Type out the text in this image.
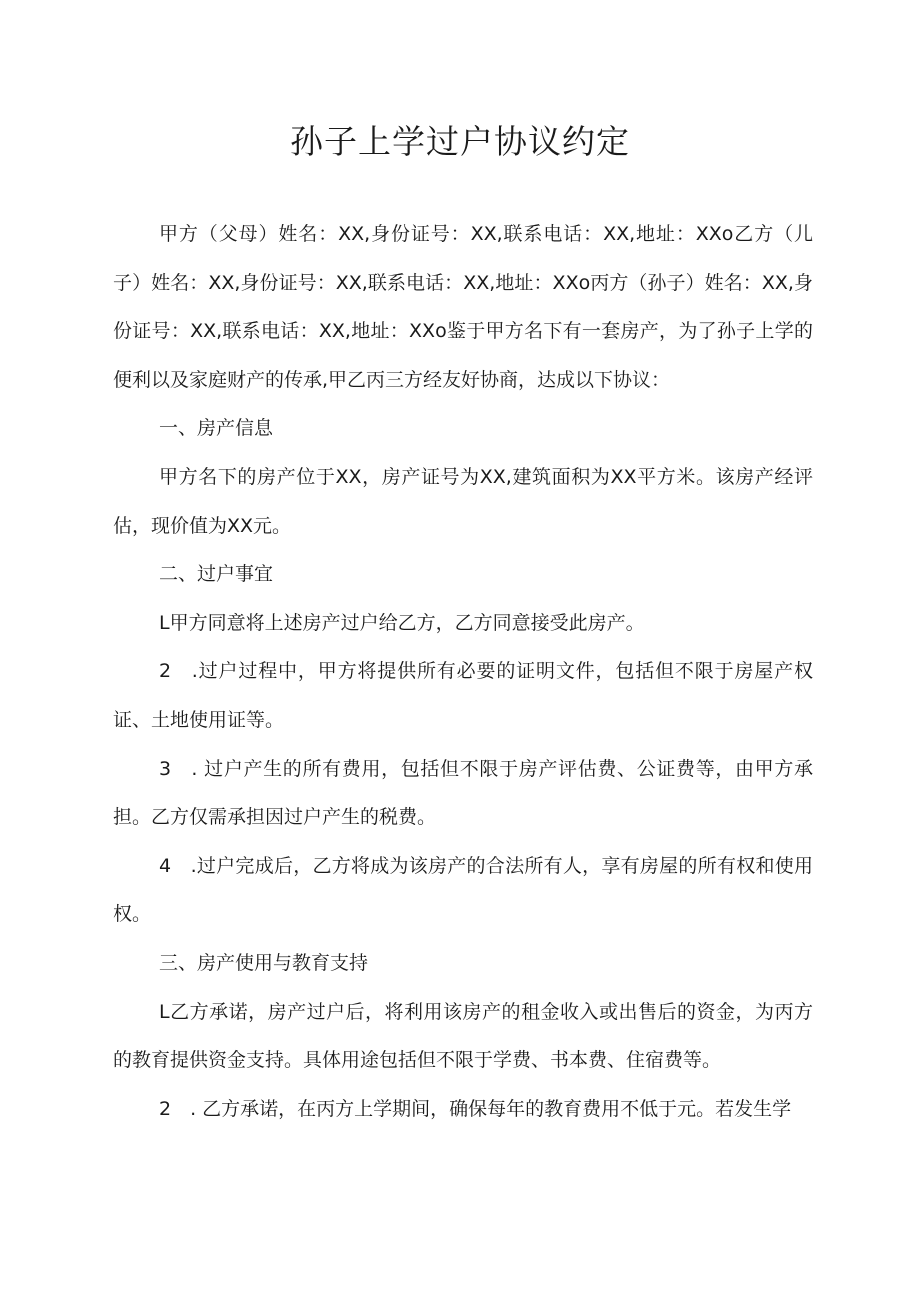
孙子上学过户协议约定

甲方（父母）姓名：XX,身份证号：XX,联系电话：XX,地址：XXo乙方（儿子）姓名：XX,身份证号：XX,联系电话：XX,地址：XXo丙方（孙子）姓名：XX,身份证号：XX,联系电话：XX,地址：XXo鉴于甲方名下有一套房产，为了孙子上学的便利以及家庭财产的传承,甲乙丙三方经友好协商，达成以下协议：

一、房产信息

甲方名下的房产位于XX，房产证号为XX,建筑面积为XX平方米。该房产经评估，现价值为XX元。

二、过户事宜

L甲方同意将上述房产过户给乙方，乙方同意接受此房产。

2　.过户过程中，甲方将提供所有必要的证明文件，包括但不限于房屋产权证、土地使用证等。

3　. 过户产生的所有费用，包括但不限于房产评估费、公证费等，由甲方承担。乙方仅需承担因过户产生的税费。

4　.过户完成后，乙方将成为该房产的合法所有人，享有房屋的所有权和使用权。

三、房产使用与教育支持

L乙方承诺，房产过户后，将利用该房产的租金收入或出售后的资金，为丙方的教育提供资金支持。具体用途包括但不限于学费、书本费、住宿费等。

2　. 乙方承诺，在丙方上学期间，确保每年的教育费用不低于元。若发生学
